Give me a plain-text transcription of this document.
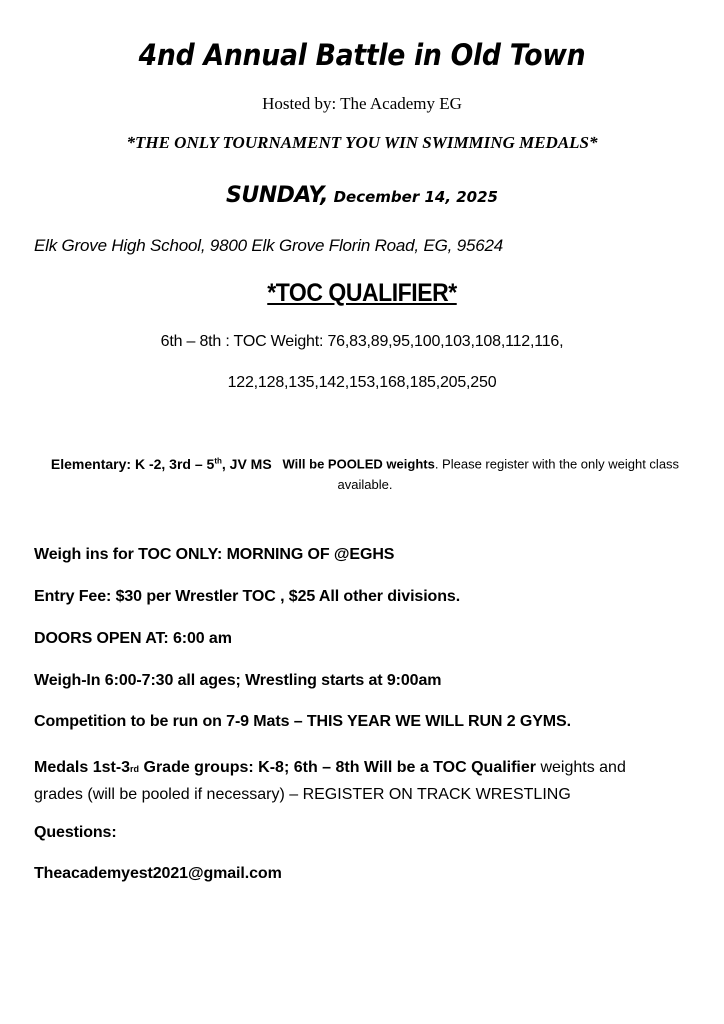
4nd Annual Battle in Old Town
Hosted by: The Academy EG
*THE ONLY TOURNAMENT YOU WIN SWIMMING MEDALS*
SUNDAY, December 14, 2025
Elk Grove High School, 9800 Elk Grove Florin Road, EG, 95624
*TOC QUALIFIER*
6th – 8th : TOC Weight: 76,83,89,95,100,103,108,112,116,
122,128,135,142,153,168,185,205,250
Elementary: K -2, 3rd – 5th, JV MS Will be POOLED weights. Please register with the only weight class available.
Weigh ins for TOC ONLY: MORNING OF @EGHS
Entry Fee: $30 per Wrestler TOC , $25 All other divisions.
DOORS OPEN AT: 6:00 am
Weigh-In 6:00-7:30 all ages; Wrestling starts at 9:00am
Competition to be run on 7-9 Mats – THIS YEAR WE WILL RUN 2 GYMS.
Medals 1st-3rd Grade groups: K-8; 6th – 8th Will be a TOC Qualifier weights and grades (will be pooled if necessary) – REGISTER ON TRACK WRESTLING
Questions:
Theacademyest2021@gmail.com
